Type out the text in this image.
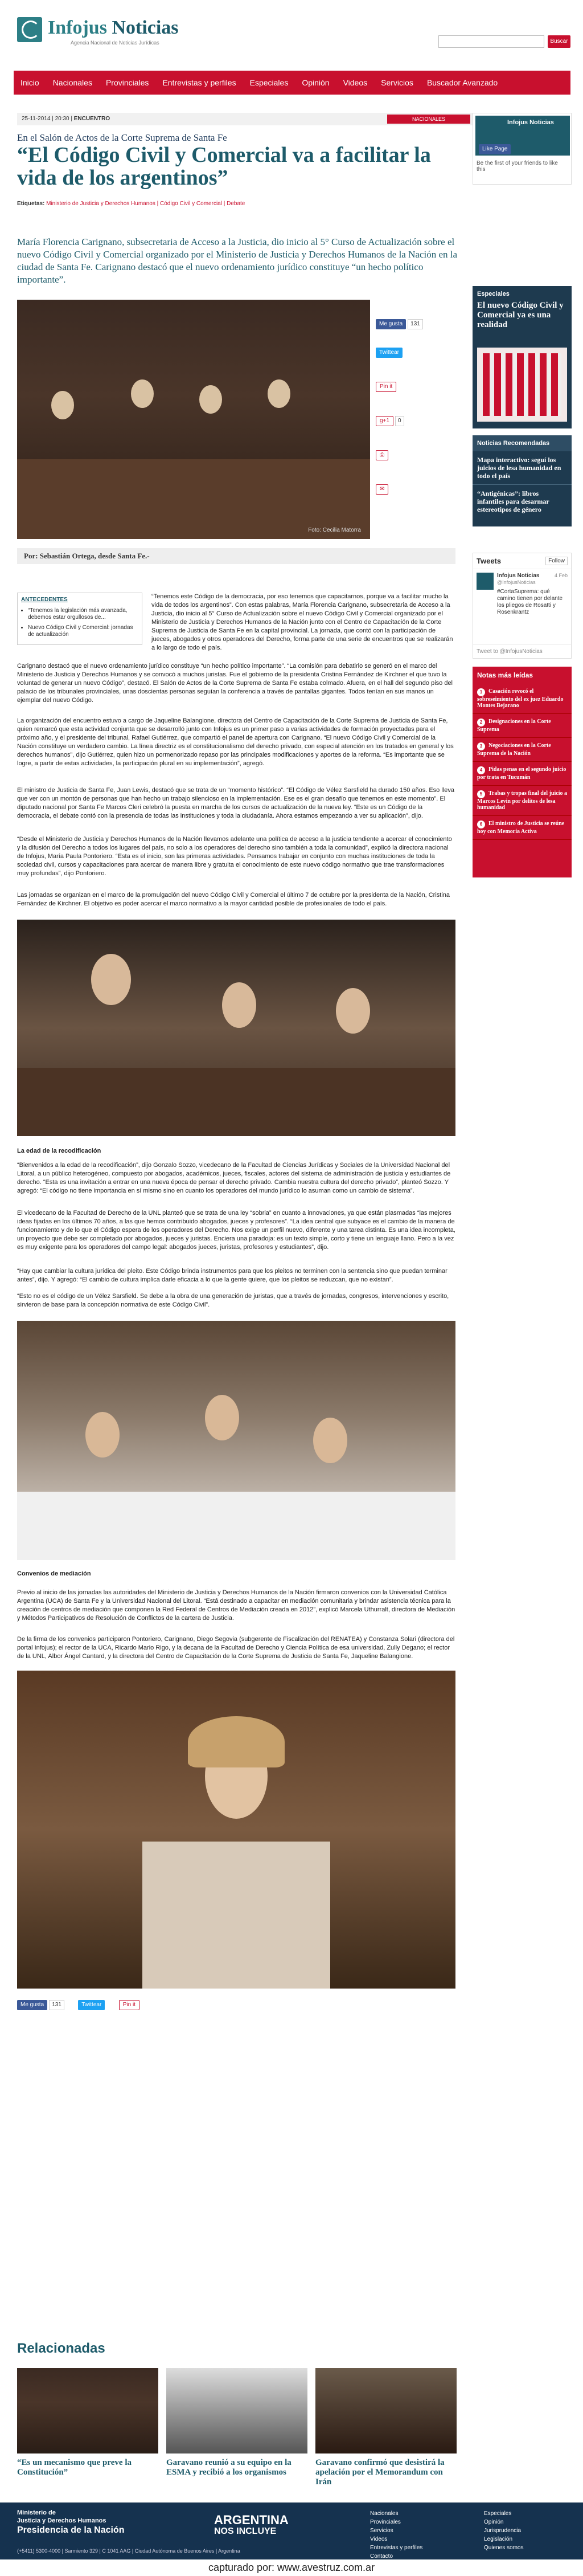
Infojus Noticias
Agencia Nacional de Noticias Jurídicas	Buscar
Inicio Nacionales Provinciales Entrevistas y perfiles Especiales Opinión Videos Servicios Buscador Avanzado
25-11-2014 | 20:30 | ENCUENTRO	NACIONALES
En el Salón de Actos de la Corte Suprema de Santa Fe
“El Código Civil y Comercial va a facilitar la vida de los argentinos”
Etiquetas: Ministerio de Justicia y Derechos Humanos | Código Civil y Comercial | Debate
María Florencia Carignano, subsecretaria de Acceso a la Justicia, dio inicio al 5° Curso de Actualización sobre el nuevo Código Civil y Comercial organizado por el Ministerio de Justicia y Derechos Humanos de la Nación en la ciudad de Santa Fe. Carignano destacó que el nuevo ordenamiento jurídico constituye “un hecho político importante”.
Foto: Cecilia Matorra
Me gusta 131
Twittear
Pin it
g+1 0
⎙
✉
Por: Sebastián Ortega, desde Santa Fe.-
ANTECEDENTES
• “Tenemos la legislación más avanzada, debemos estar orgullosos de...
• Nuevo Código Civil y Comercial: jornadas de actualización
“Tenemos este Código de la democracia, por eso tenemos que capacitarnos, porque va a facilitar mucho la vida de todos los argentinos”. Con estas palabras, María Florencia Carignano, subsecretaria de Acceso a la Justicia, dio inicio al 5° Curso de Actualización sobre el nuevo Código Civil y Comercial organizado por el Ministerio de Justicia y Derechos Humanos de la Nación junto con el Centro de Capacitación de la Corte Suprema de Justicia de Santa Fe en la capital provincial. La jornada, que contó con la participación de jueces, abogados y otros operadores del Derecho, forma parte de una serie de encuentros que se realizarán a lo largo de todo el país.
Carignano destacó que el nuevo ordenamiento jurídico constituye “un hecho político importante”. “La comisión para debatirlo se generó en el marco del Ministerio de Justicia y Derechos Humanos y se convocó a muchos juristas. Fue el gobierno de la presidenta Cristina Fernández de Kirchner el que tuvo la voluntad de generar un nuevo Código”, destacó. El Salón de Actos de la Corte Suprema de Santa Fe estaba colmado. Afuera, en el hall del segundo piso del palacio de los tribunales provinciales, unas doscientas personas seguían la conferencia a través de pantallas gigantes. Todos tenían en sus manos un ejemplar del nuevo Código.
La organización del encuentro estuvo a cargo de Jaqueline Balangione, directora del Centro de Capacitación de la Corte Suprema de Justicia de Santa Fe, quien remarcó que esta actividad conjunta que se desarrolló junto con Infojus es un primer paso a varias actividades de formación proyectadas para el próximo año, y el presidente del tribunal, Rafael Gutiérrez, que compartió el panel de apertura con Carignano. “El nuevo Código Civil y Comercial de la Nación constituye un verdadero cambio. La línea directriz es el constitucionalismo del derecho privado, con especial atención en los tratados en general y los derechos humanos”, dijo Gutiérrez, quien hizo un pormenorizado repaso por las principales modificaciones y aportes de la reforma. “Es importante que se logre, a partir de estas actividades, la participación plural en su implementación”, agregó.
El ministro de Justicia de Santa Fe, Juan Lewis, destacó que se trata de un “momento histórico”. “El Código de Vélez Sarsfield ha durado 150 años. Eso lleva que ver con un montón de personas que han hecho un trabajo silencioso en la implementación. Ese es el gran desafío que tenemos en este momento”. El diputado nacional por Santa Fe Marcos Cleri celebró la puesta en marcha de los cursos de actualización de la nueva ley. “Este es un Código de la democracia, el debate contó con la presencia de todas las instituciones y toda la ciudadanía. Ahora estamos empezando a ver su aplicación”, dijo.
“Desde el Ministerio de Justicia y Derechos Humanos de la Nación llevamos adelante una política de acceso a la justicia tendiente a acercar el conocimiento y la difusión del Derecho a todos los lugares del país, no solo a los operadores del derecho sino también a toda la comunidad”, explicó la directora nacional de Infojus, María Paula Pontoriero. “Esta es el inicio, son las primeras actividades. Pensamos trabajar en conjunto con muchas instituciones de toda la sociedad civil, cursos y capacitaciones para acercar de manera libre y gratuita el conocimiento de este nuevo código normativo que trae transformaciones muy profundas”, dijo Pontoriero.
Las jornadas se organizan en el marco de la promulgación del nuevo Código Civil y Comercial el último 7 de octubre por la presidenta de la Nación, Cristina Fernández de Kirchner. El objetivo es poder acercar el marco normativo a la mayor cantidad posible de profesionales de todo el país.
La edad de la recodificación
“Bienvenidos a la edad de la recodificación”, dijo Gonzalo Sozzo, vicedecano de la Facultad de Ciencias Jurídicas y Sociales de la Universidad Nacional del Litoral, a un público heterogéneo, compuesto por abogados, académicos, jueces, fiscales, actores del sistema de administración de justicia y estudiantes de derecho. “Esta es una invitación a entrar en una nueva época de pensar el derecho privado. Cambia nuestra cultura del derecho privado”, planteó Sozzo. Y agregó: “El código no tiene importancia en sí mismo sino en cuanto los operadores del mundo jurídico lo asuman como un cambio de sistema”.
El vicedecano de la Facultad de Derecho de la UNL planteó que se trata de una ley “sobria” en cuanto a innovaciones, ya que están plasmadas “las mejores ideas fijadas en los últimos 70 años, a las que hemos contribuido abogados, jueces y profesores”. “La idea central que subyace es el cambio de la manera de funcionamiento y de lo que el Código espera de los operadores del Derecho. Nos exige un perfil nuevo, diferente y una tarea distinta. Es una idea incompleta, un proyecto que debe ser completado por abogados, jueces y juristas. Enciera una paradoja: es un texto simple, corto y tiene un lenguaje llano. Pero a la vez es muy exigente para los operadores del campo legal: abogados jueces, juristas, profesores y estudiantes”, dijo.
“Hay que cambiar la cultura jurídica del pleito. Este Código brinda instrumentos para que los pleitos no terminen con la sentencia sino que puedan terminar antes”, dijo. Y agregó: “El cambio de cultura implica darle eficacia a lo que la gente quiere, que los pleitos se reduzcan, que no existan”.
“Esto no es el código de un Vélez Sarsfield. Se debe a la obra de una generación de juristas, que a través de jornadas, congresos, intervenciones y escrito, sirvieron de base para la concepción normativa de este Código Civil”.
Convenios de mediación
Previo al inicio de las jornadas las autoridades del Ministerio de Justicia y Derechos Humanos de la Nación firmaron convenios con la Universidad Católica Argentina (UCA) de Santa Fe y la Universidad Nacional del Litoral. “Está destinado a capacitar en mediación comunitaria y brindar asistencia técnica para la creación de centros de mediación que componen la Red Federal de Centros de Mediación creada en 2012”, explicó Marcela Uthurralt, directora de Mediación y Métodos Participativos de Resolución de Conflictos de la cartera de Justicia.
De la firma de los convenios participaron Pontoriero, Carignano, Diego Segovia (subgerente de Fiscalización del RENATEA) y Constanza Solari (directora del portal Infojus); el rector de la UCA, Ricardo Mario Rigo, y la decana de la Facultad de Derecho y Ciencia Política de esa universidad, Zully Degano; el rector de la UNL, Albor Ángel Cantard, y la directora del Centro de Capacitación de la Corte Suprema de Justicia de Santa Fe, Jaqueline Balangione.
Me gusta 131	Twittear	Pin it
Relacionadas
“Es un mecanismo que preve la Constitución”
Garavano reunió a su equipo en la ESMA y recibió a los organismos
Garavano confirmó que desistirá la apelación por el Memorandum con Irán
Infojus Noticias
Like Page
Be the first of your friends to like this
Especiales
El nuevo Código Civil y Comercial ya es una realidad
Noticias Recomendadas
Mapa interactivo: seguí los juicios de lesa humanidad en todo el país
“Antigénicas”: libros infantiles para desarmar estereotipos de género
Tweets	Follow
Infojus Noticias
@InfojusNoticias
4 Feb
#CortaSuprema: qué camino tienen por delante los pliegos de Rosatti y Rosenkrantz
Tweet to @InfojusNoticias
Notas más leídas
1 Casación revocó el sobreseimiento del ex juez Eduardo Montes Bejarano
2 Designaciones en la Corte Suprema
3 Negociaciones en la Corte Suprema de la Nación
4 Pidas penas en el segundo juicio por trata en Tucumán
5 Trabas y tropas final del juicio a Marcos Levin por delitos de lesa humanidad
6 El ministro de Justicia se reúne hoy con Memoria Activa
Ministerio de
Justicia y Derechos Humanos
Presidencia de la Nación
ARGENTINA
NOS INCLUYE
(+5411) 5300-4000 | Sarmiento 329 | C 1041 AAG | Ciudad Autónoma de Buenos Aires | Argentina
Nacionales
Provinciales
Servicios
Videos
Entrevistas y perfiles
Contacto
Especiales
Opinión
Jurisprudencia
Legislación
Quienes somos
capturado por: www.avestruz.com.ar
